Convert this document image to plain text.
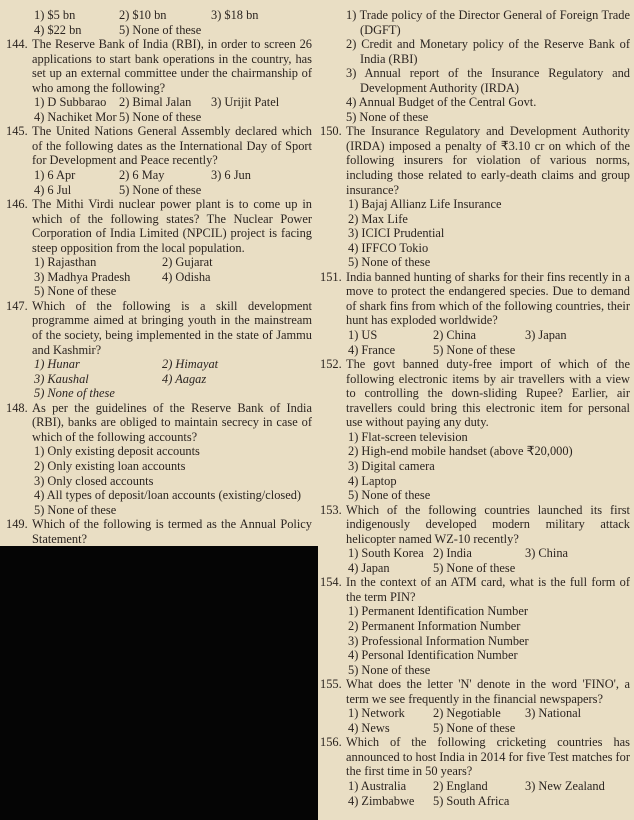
1) $5 bn	2) $10 bn	3) $18 bn
4) $22 bn	5) None of these
144. The Reserve Bank of India (RBI), in order to screen 26 applications to start bank operations in the country, has set up an external committee under the chairmanship of who among the following?
1) D Subbarao	2) Bimal Jalan	3) Urijit Patel
4) Nachiket Mor 5) None of these
145. The United Nations General Assembly declared which of the following dates as the International Day of Sport for Development and Peace recently?
1) 6 Apr	2) 6 May	3) 6 Jun
4) 6 Jul	5) None of these
146. The Mithi Virdi nuclear power plant is to come up in which of the following states? The Nuclear Power Corporation of India Limited (NPCIL) project is facing steep opposition from the local population.
1) Rajasthan	2) Gujarat
3) Madhya Pradesh	4) Odisha
5) None of these
147. Which of the following is a skill development programme aimed at bringing youth in the mainstream of the society, being implemented in the state of Jammu and Kashmir?
1) Hunar	2) Himayat
3) Kaushal	4) Aagaz
5) None of these
148. As per the guidelines of the Reserve Bank of India (RBI), banks are obliged to maintain secrecy in case of which of the following accounts?
1) Only existing deposit accounts
2) Only existing loan accounts
3) Only closed accounts
4) All types of deposit/loan accounts (existing/closed)
5) None of these
149. Which of the following is termed as the Annual Policy Statement?
1) Trade policy of the Director General of Foreign Trade (DGFT)
2) Credit and Monetary policy of the Reserve Bank of India (RBI)
3) Annual report of the Insurance Regulatory and Development Authority (IRDA)
4) Annual Budget of the Central Govt.
5) None of these
150. The Insurance Regulatory and Development Authority (IRDA) imposed a penalty of ₹3.10 cr on which of the following insurers for violation of various norms, including those related to early-death claims and group insurance?
1) Bajaj Allianz Life Insurance
2) Max Life
3) ICICI Prudential
4) IFFCO Tokio
5) None of these
151. India banned hunting of sharks for their fins recently in a move to protect the endangered species. Due to demand of shark fins from which of the following countries, their hunt has exploded worldwide?
1) US	2) China	3) Japan
4) France	5) None of these
152. The govt banned duty-free import of which of the following electronic items by air travellers with a view to controlling the down-sliding Rupee? Earlier, air travellers could bring this electronic item for personal use without paying any duty.
1) Flat-screen television
2) High-end mobile handset (above ₹20,000)
3) Digital camera
4) Laptop
5) None of these
153. Which of the following countries launched its first indigenously developed modern military attack helicopter named WZ-10 recently?
1) South Korea 2) India	3) China
4) Japan	5) None of these
154. In the context of an ATM card, what is the full form of the term PIN?
1) Permanent Identification Number
2) Permanent Information Number
3) Professional Information Number
4) Personal Identification Number
5) None of these
155. What does the letter 'N' denote in the word 'FINO', a term we see frequently in the financial newspapers?
1) Network	2) Negotiable	3) National
4) News	5) None of these
156. Which of the following cricketing countries has announced to host India in 2014 for five Test matches for the first time in 50 years?
1) Australia	2) England	3) New Zealand
4) Zimbabwe	5) South Africa
